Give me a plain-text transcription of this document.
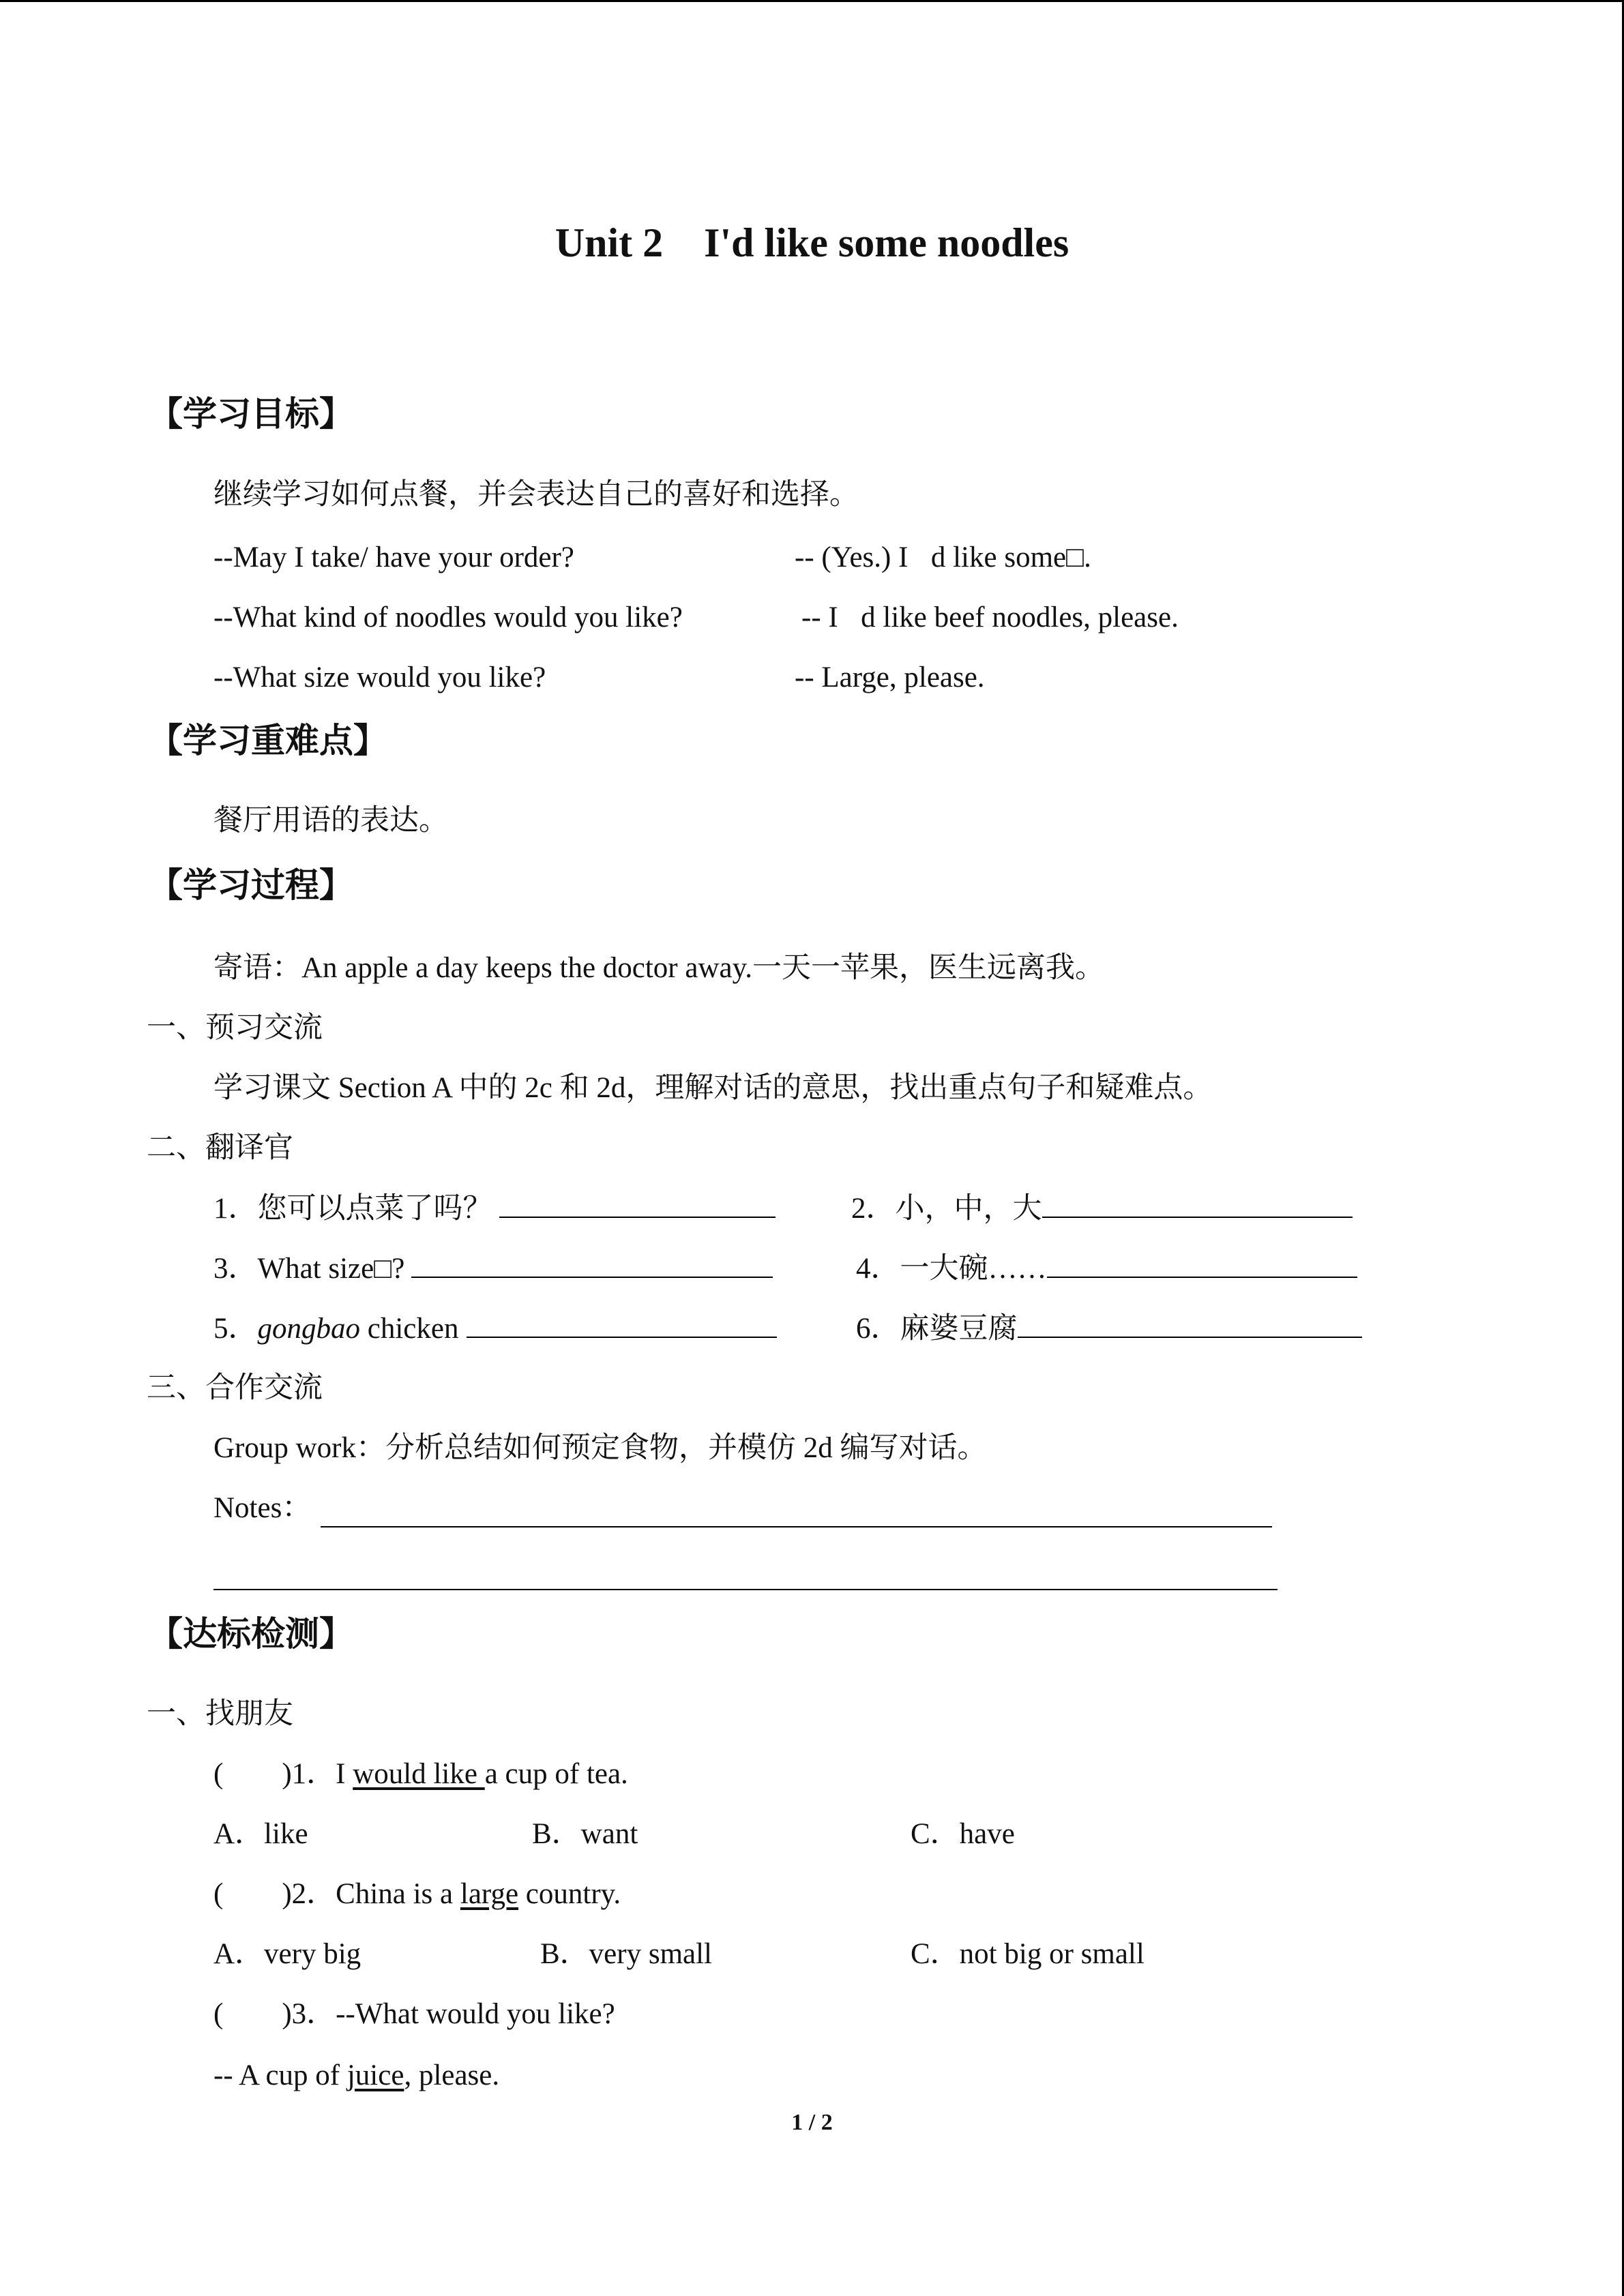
Unit 2　I'd like some noodles
【学习目标】
继续学习如何点餐，并会表达自己的喜好和选择。
--May I take/ have your order?	-- (Yes.) I d like some□.
--What kind of noodles would you like?	-- I d like beef noodles, please.
--What size would you like?	-- Large, please.
【学习重难点】
餐厅用语的表达。
【学习过程】
寄语：An apple a day keeps the doctor away.一天一苹果，医生远离我。
一、预习交流
学习课文 Section A 中的 2c 和 2d，理解对话的意思，找出重点句子和疑难点。
二、翻译官
1．您可以点菜了吗？	2．小，中，大
3．What size□?	4．一大碗……
5．gongbao chicken	6．麻婆豆腐
三、合作交流
Group work：分析总结如何预定食物，并模仿 2d 编写对话。
Notes：
【达标检测】
一、找朋友
(　　)1．I would like a cup of tea.
A．like	B．want	C．have
(　　)2．China is a large country.
A．very big	B．very small	C．not big or small
(　　)3．--What would you like?
-- A cup of juice, please.
1 / 2
